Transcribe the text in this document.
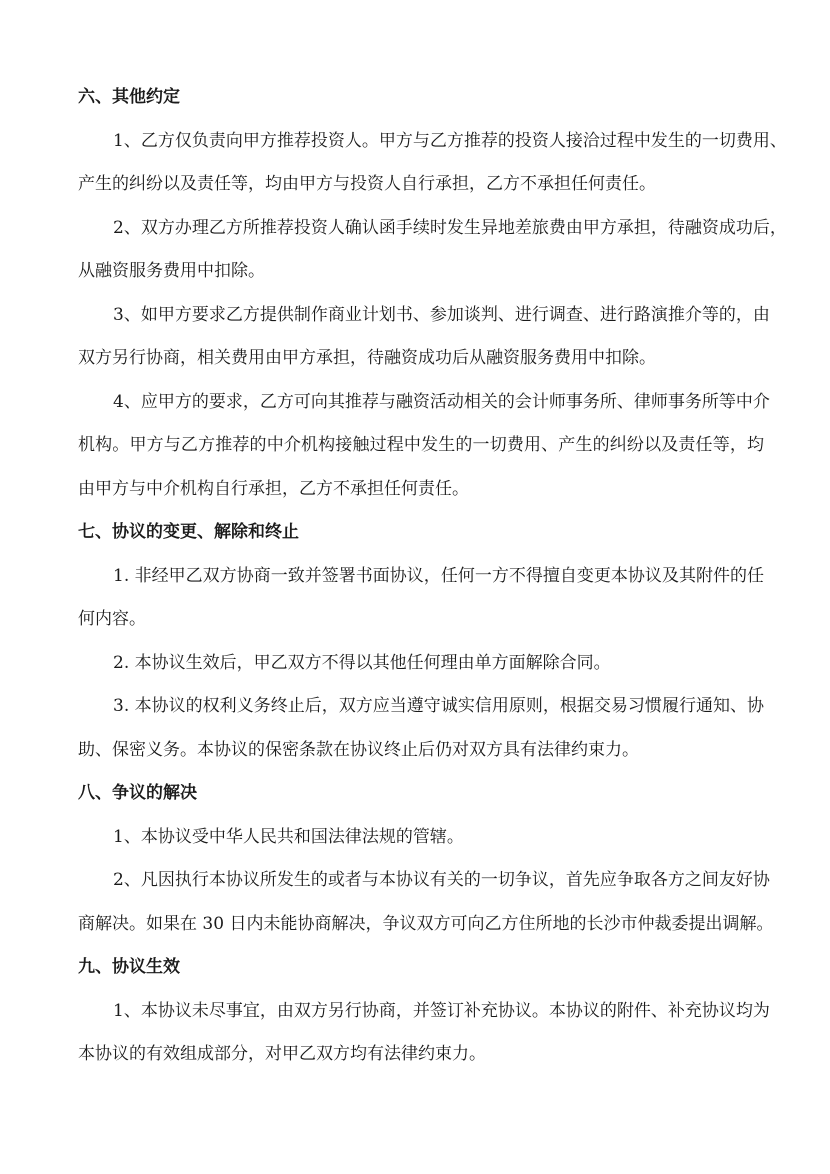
六、其他约定
1、乙方仅负责向甲方推荐投资人。甲方与乙方推荐的投资人接洽过程中发生的一切费用、
产生的纠纷以及责任等，均由甲方与投资人自行承担，乙方不承担任何责任。
2、双方办理乙方所推荐投资人确认函手续时发生异地差旅费由甲方承担，待融资成功后，
从融资服务费用中扣除。
3、如甲方要求乙方提供制作商业计划书、参加谈判、进行调查、进行路演推介等的，由
双方另行协商，相关费用由甲方承担，待融资成功后从融资服务费用中扣除。
4、应甲方的要求，乙方可向其推荐与融资活动相关的会计师事务所、律师事务所等中介
机构。甲方与乙方推荐的中介机构接触过程中发生的一切费用、产生的纠纷以及责任等，均
由甲方与中介机构自行承担，乙方不承担任何责任。
七、协议的变更、解除和终止
1. 非经甲乙双方协商一致并签署书面协议，任何一方不得擅自变更本协议及其附件的任
何内容。
2. 本协议生效后，甲乙双方不得以其他任何理由单方面解除合同。
3. 本协议的权利义务终止后，双方应当遵守诚实信用原则，根据交易习惯履行通知、协
助、保密义务。本协议的保密条款在协议终止后仍对双方具有法律约束力。
八、争议的解决
1、本协议受中华人民共和国法律法规的管辖。
2、凡因执行本协议所发生的或者与本协议有关的一切争议，首先应争取各方之间友好协
商解决。如果在 30 日内未能协商解决，争议双方可向乙方住所地的长沙市仲裁委提出调解。
九、协议生效
1、本协议未尽事宜，由双方另行协商，并签订补充协议。本协议的附件、补充协议均为
本协议的有效组成部分，对甲乙双方均有法律约束力。
